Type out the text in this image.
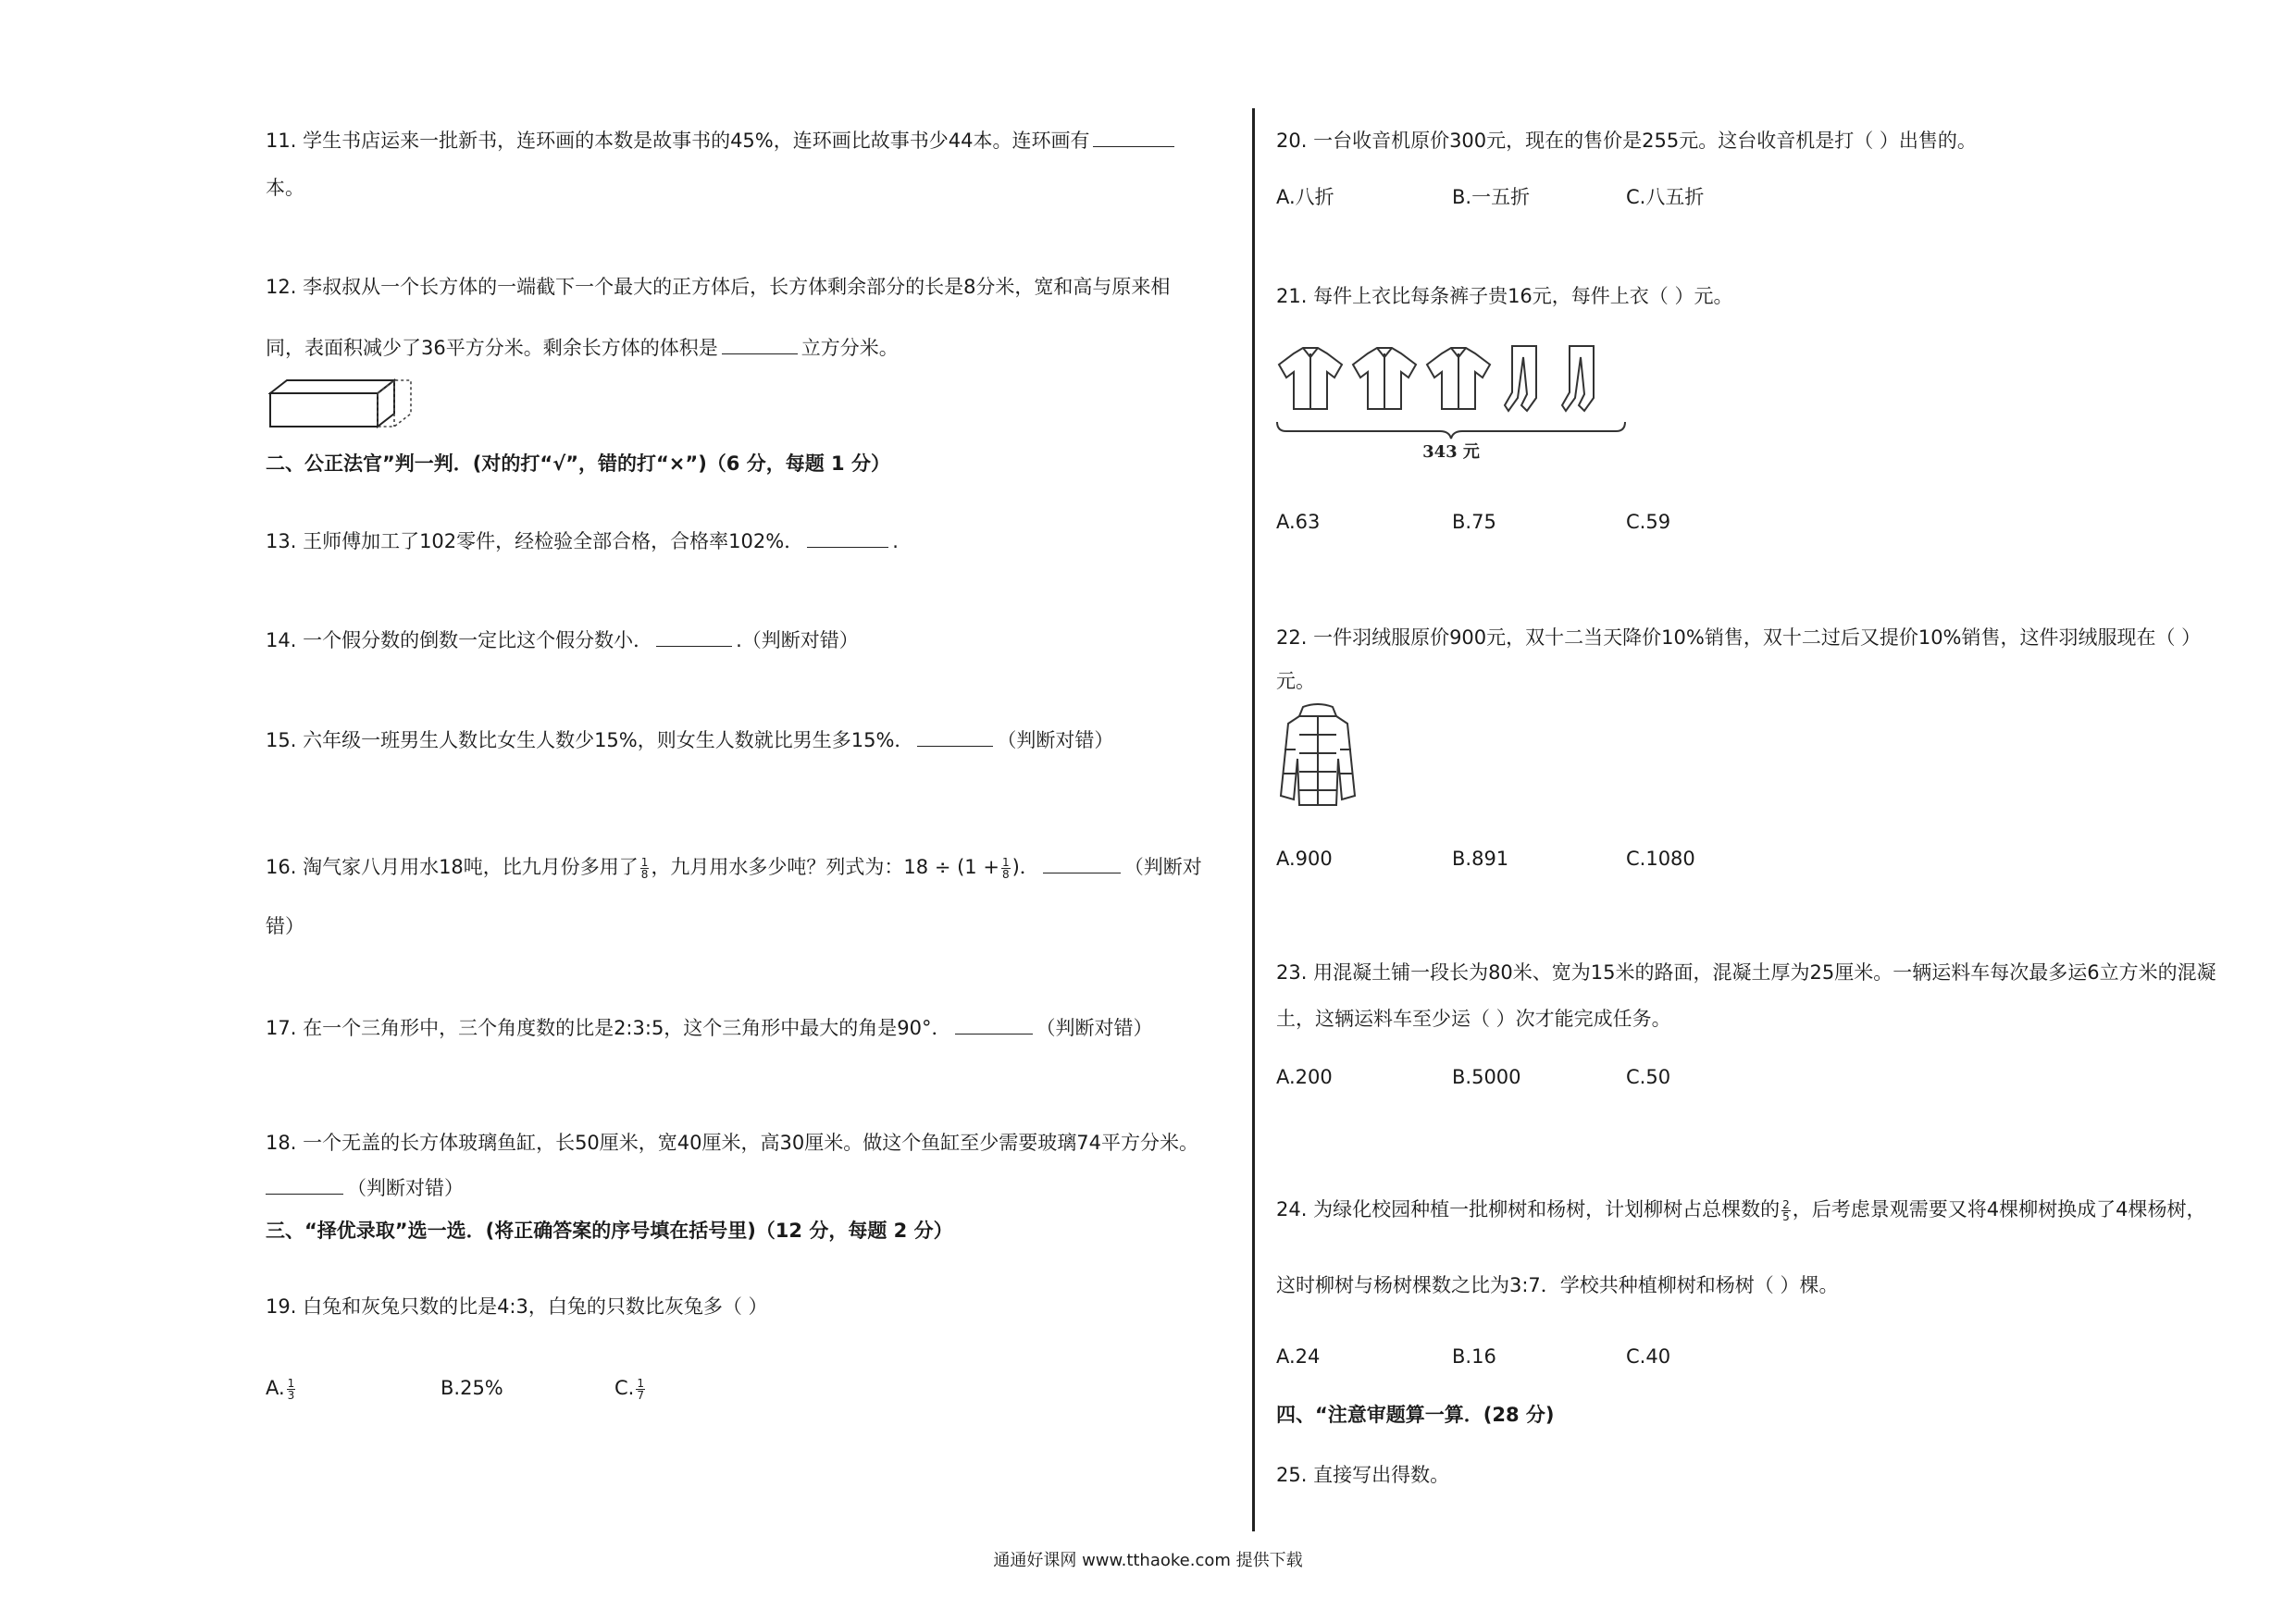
11. 学生书店运来一批新书，连环画的本数是故事书的45%，连环画比故事书少44本。连环画有
本。
12. 李叔叔从一个长方体的一端截下一个最大的正方体后，长方体剩余部分的长是8分米，宽和高与原来相
同，表面积减少了36平方分米。剩余长方体的体积是	立方分米。
二、公正法官”判一判．(对的打“√”，错的打“×”)（6 分，每题 1 分）
13. 王师傅加工了102零件，经检验全部合格，合格率102%．	.
14. 一个假分数的倒数一定比这个假分数小．	.（判断对错）
15. 六年级一班男生人数比女生人数少15%，则女生人数就比男生多15%．	（判断对错）
16. 淘气家八月用水18吨，比九月份多用了 $\frac{1}{8}$ ，九月用水多少吨？列式为：$18 \div (1 + \frac{1}{8}$ )．	（判断对
错）
17. 在一个三角形中，三个角度数的比是2:3:5，这个三角形中最大的角是90°．	（判断对错）
18. 一个无盖的长方体玻璃鱼缸，长50厘米，宽40厘米，高30厘米。做这个鱼缸至少需要玻璃74平方分米。
（判断对错）
三、“择优录取”选一选．(将正确答案的序号填在括号里)（12 分，每题 2 分）
19. 白兔和灰兔只数的比是4:3，白兔的只数比灰兔多（ ）
A. $\frac{1}{3}$	B.25%	C. $\frac{1}{7}$
20. 一台收音机原价300元，现在的售价是255元。这台收音机是打（ ）出售的。
A.八折	B.一五折	C.八五折
21. 每件上衣比每条裤子贵16元，每件上衣（ ）元。
343 元
A.63	B.75	C.59
22. 一件羽绒服原价900元，双十二当天降价10%销售，双十二过后又提价10%销售，这件羽绒服现在（ ）
元。
A.900	B.891	C.1080
23. 用混凝土铺一段长为80米、宽为15米的路面，混凝土厚为25厘米。一辆运料车每次最多运6立方米的混凝
土，这辆运料车至少运（ ）次才能完成任务。
A.200	B.5000	C.50
24. 为绿化校园种植一批柳树和杨树，计划柳树占总棵数的 $\frac{2}{5}$ ，后考虑景观需要又将4棵柳树换成了4棵杨树，
这时柳树与杨树棵数之比为3:7．学校共种植柳树和杨树（ ）棵。
A.24	B.16	C.40
四、“注意审题算一算．(28 分)
25. 直接写出得数。
通通好课网 www.tthaoke.com 提供下载
